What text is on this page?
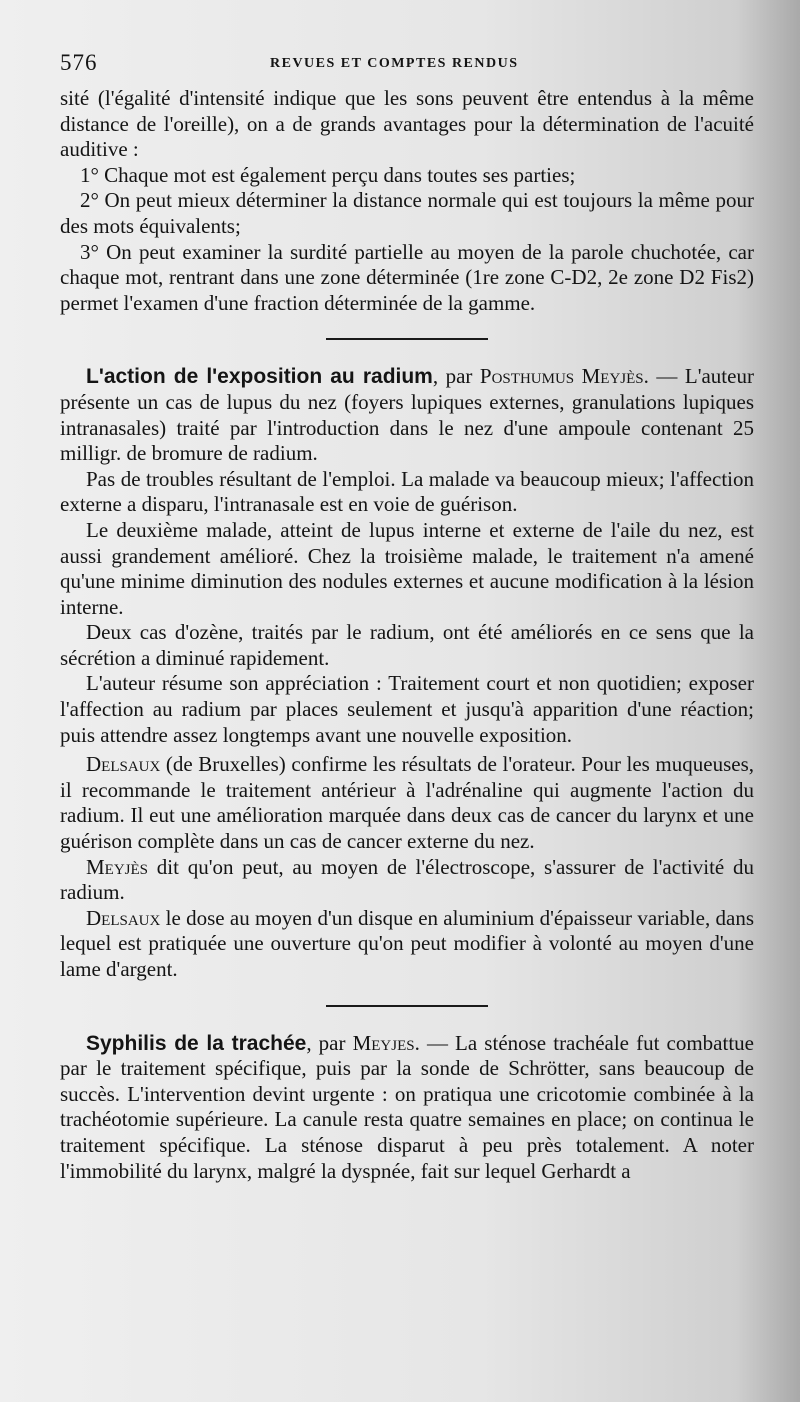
576	REVUES ET COMPTES RENDUS

sité (l'égalité d'intensité indique que les sons peuvent être entendus à la même distance de l'oreille), on a de grands avantages pour la détermination de l'acuité auditive :

1° Chaque mot est également perçu dans toutes ses parties;

2° On peut mieux déterminer la distance normale qui est toujours la même pour des mots équivalents;

3° On peut examiner la surdité partielle au moyen de la parole chuchotée, car chaque mot, rentrant dans une zone déterminée (1re zone C-D2, 2e zone D2 Fis2) permet l'examen d'une fraction déterminée de la gamme.

L'action de l'exposition au radium, par Posthumus Meyjès. — L'auteur présente un cas de lupus du nez (foyers lupiques externes, granulations lupiques intranasales) traité par l'introduction dans le nez d'une ampoule contenant 25 milligr. de bromure de radium.

Pas de troubles résultant de l'emploi. La malade va beaucoup mieux; l'affection externe a disparu, l'intranasale est en voie de guérison.

Le deuxième malade, atteint de lupus interne et externe de l'aile du nez, est aussi grandement amélioré. Chez la troisième malade, le traitement n'a amené qu'une minime diminution des nodules externes et aucune modification à la lésion interne.

Deux cas d'ozène, traités par le radium, ont été améliorés en ce sens que la sécrétion a diminué rapidement.

L'auteur résume son appréciation : Traitement court et non quotidien; exposer l'affection au radium par places seulement et jusqu'à apparition d'une réaction; puis attendre assez longtemps avant une nouvelle exposition.

Delsaux (de Bruxelles) confirme les résultats de l'orateur. Pour les muqueuses, il recommande le traitement antérieur à l'adrénaline qui augmente l'action du radium. Il eut une amélioration marquée dans deux cas de cancer du larynx et une guérison complète dans un cas de cancer externe du nez.

Meyjès dit qu'on peut, au moyen de l'électroscope, s'assurer de l'activité du radium.

Delsaux le dose au moyen d'un disque en aluminium d'épaisseur variable, dans lequel est pratiquée une ouverture qu'on peut modifier à volonté au moyen d'une lame d'argent.

Syphilis de la trachée, par Meyjes. — La sténose trachéale fut combattue par le traitement spécifique, puis par la sonde de Schrötter, sans beaucoup de succès. L'intervention devint urgente : on pratiqua une cricotomie combinée à la trachéotomie supérieure. La canule resta quatre semaines en place; on continua le traitement spécifique. La sténose disparut à peu près totalement. A noter l'immobilité du larynx, malgré la dyspnée, fait sur lequel Gerhardt a
